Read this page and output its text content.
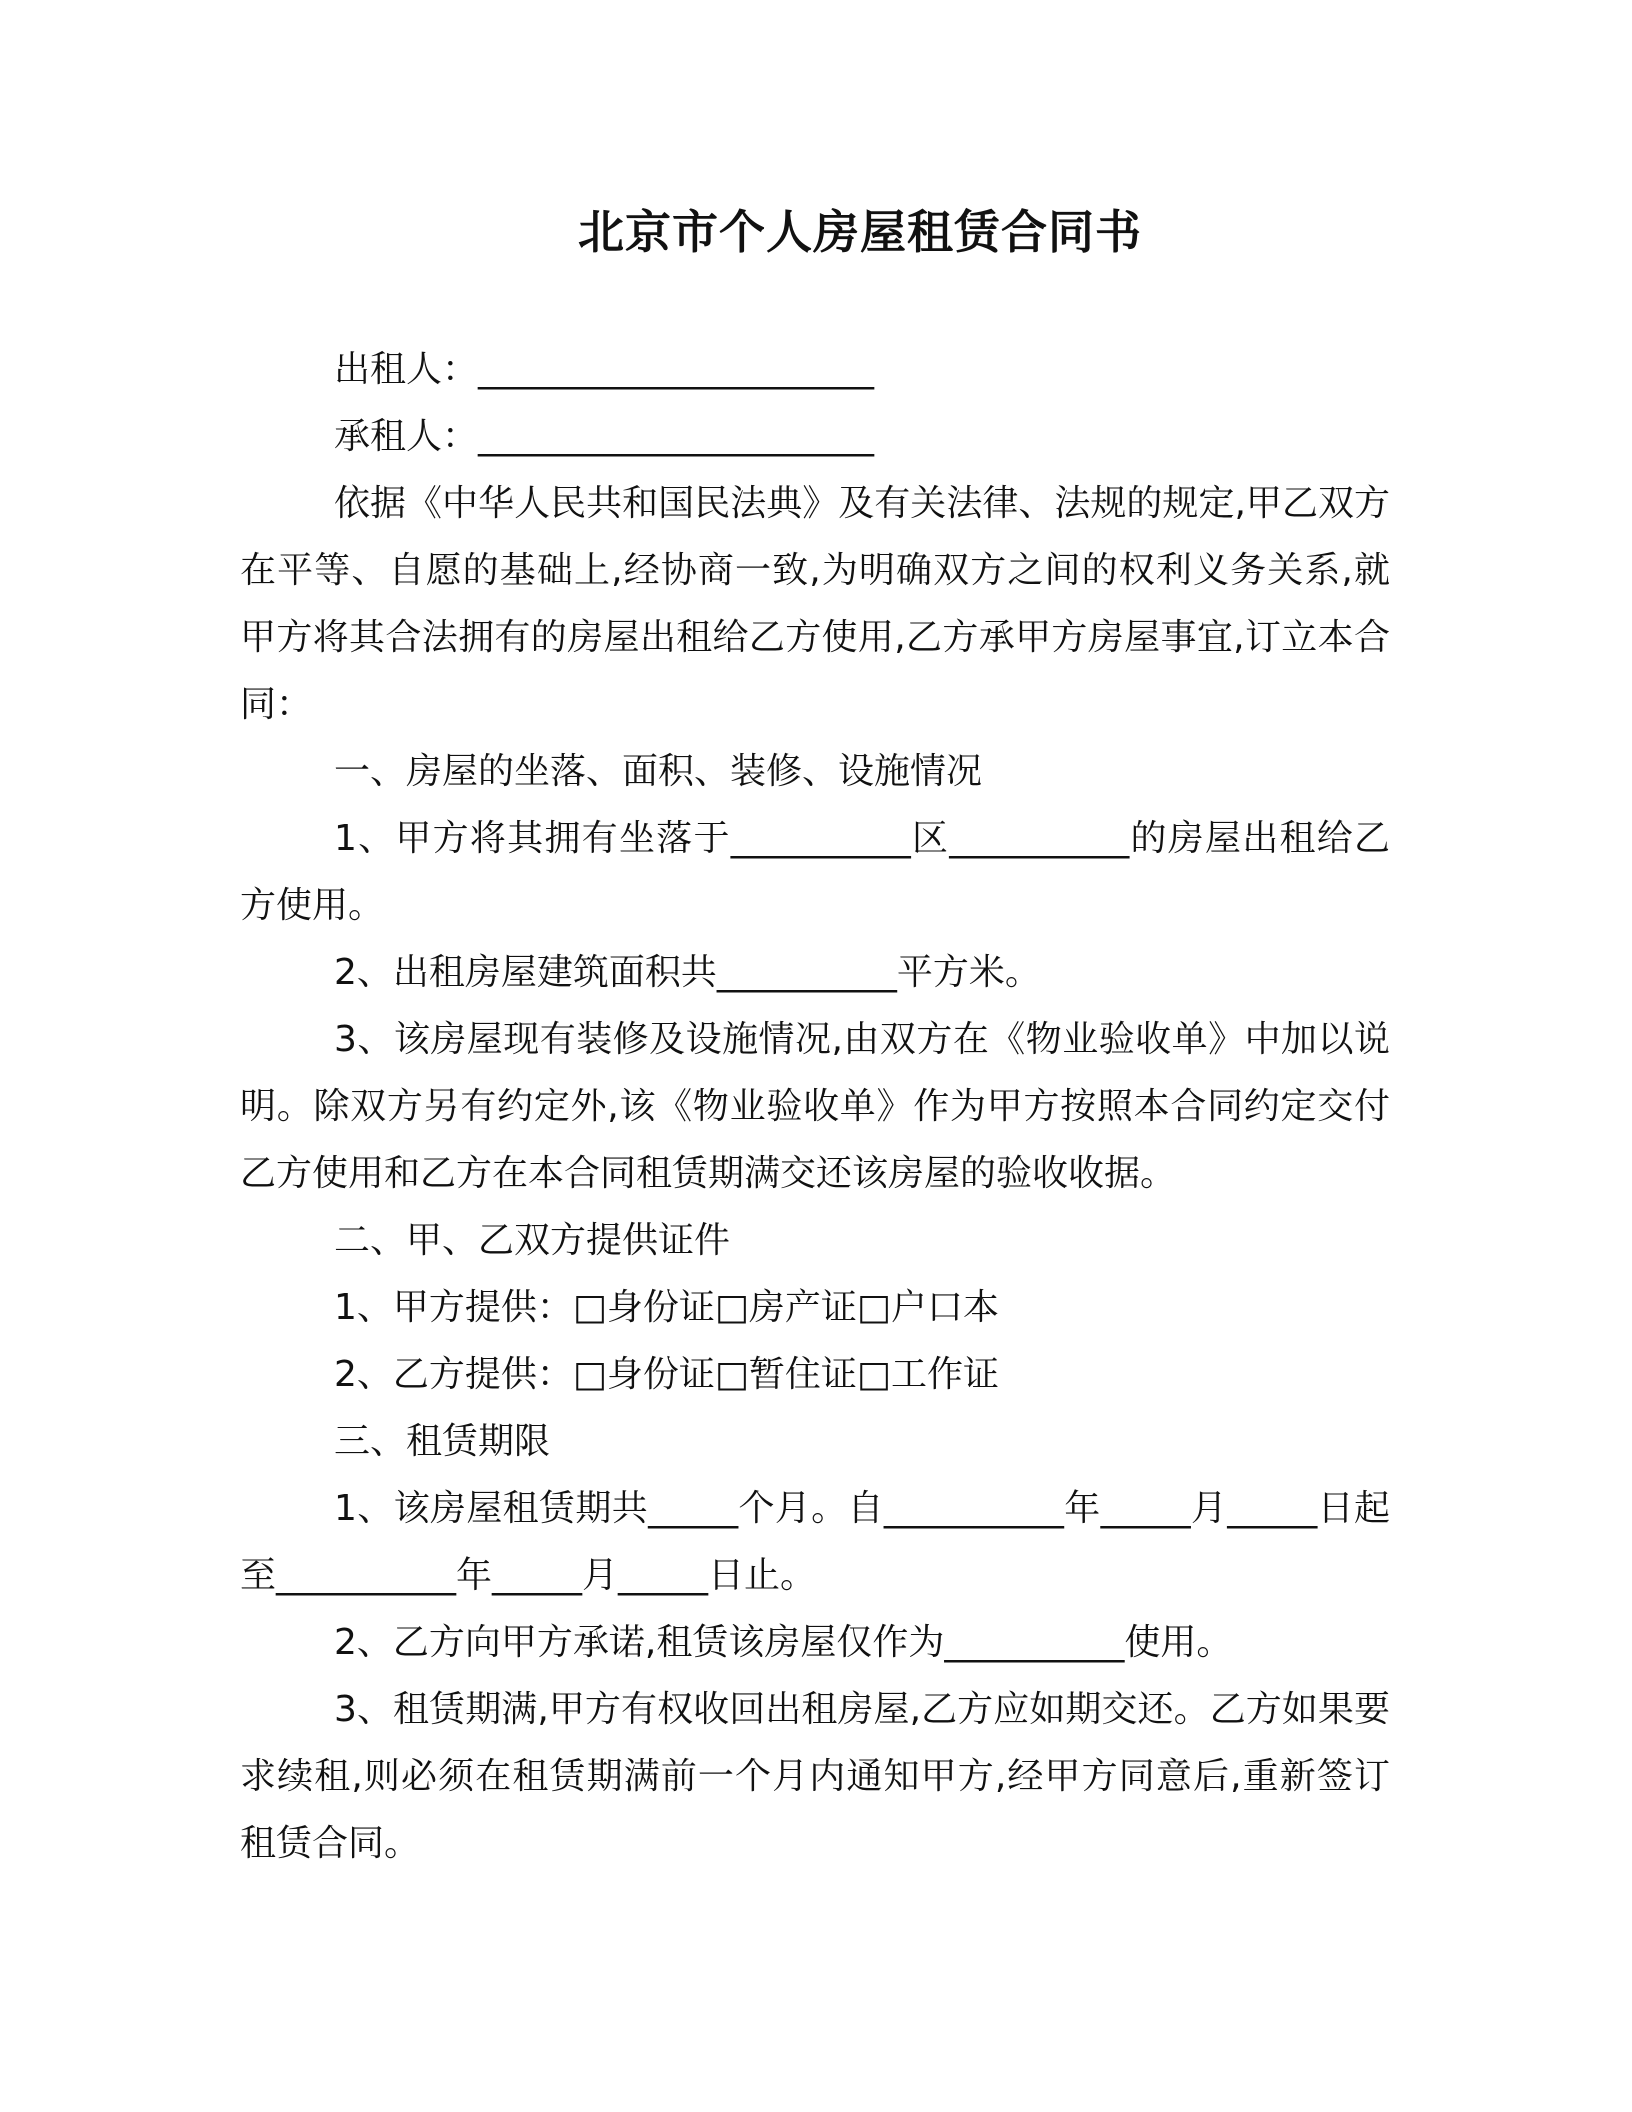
北京市个人房屋租赁合同书

出租人：______________________

承租人：______________________

依据《中华人民共和国民法典》及有关法律、法规的规定,甲乙双方在平等、自愿的基础上,经协商一致,为明确双方之间的权利义务关系,就甲方将其合法拥有的房屋出租给乙方使用,乙方承甲方房屋事宜,订立本合同：

一、房屋的坐落、面积、装修、设施情况

1、甲方将其拥有坐落于__________区__________的房屋出租给乙方使用。

2、出租房屋建筑面积共__________平方米。

3、该房屋现有装修及设施情况,由双方在《物业验收单》中加以说明。除双方另有约定外,该《物业验收单》作为甲方按照本合同约定交付乙方使用和乙方在本合同租赁期满交还该房屋的验收收据。

二、甲、乙双方提供证件

1、甲方提供：□身份证□房产证□户口本

2、乙方提供：□身份证□暂住证□工作证

三、租赁期限

1、该房屋租赁期共_____个月。自__________年_____月_____日起至__________年_____月_____日止。

2、乙方向甲方承诺,租赁该房屋仅作为__________使用。

3、租赁期满,甲方有权收回出租房屋,乙方应如期交还。乙方如果要求续租,则必须在租赁期满前一个月内通知甲方,经甲方同意后,重新签订租赁合同。
